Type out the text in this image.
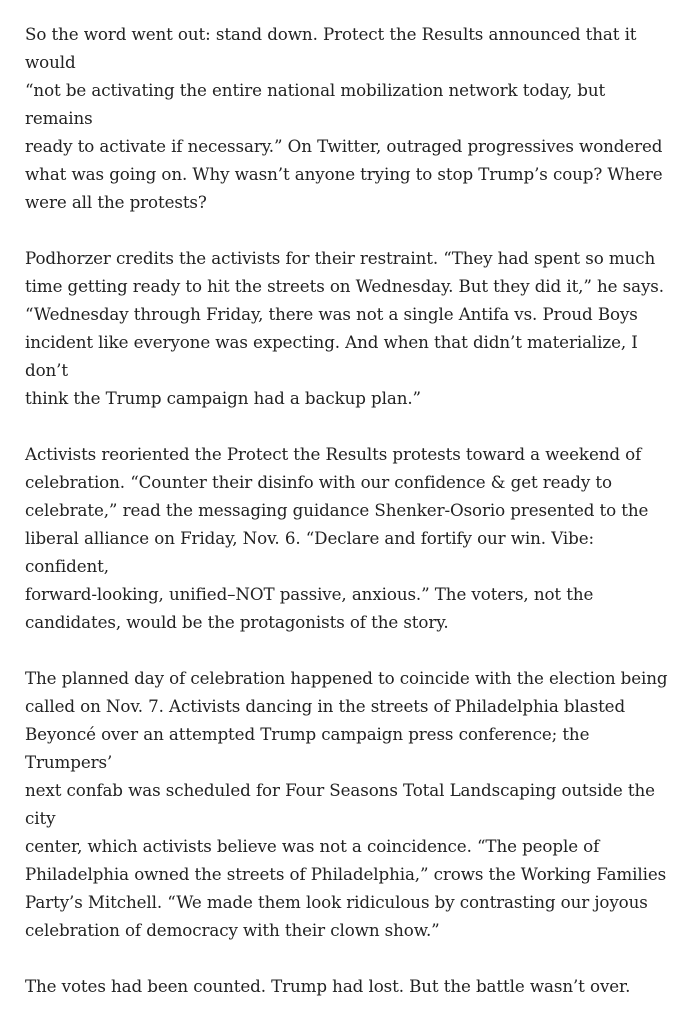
So the word went out: stand down. Protect the Results announced that it would
“not be activating the entire national mobilization network today, but remains
ready to activate if necessary.” On Twitter, outraged progressives wondered
what was going on. Why wasn’t anyone trying to stop Trump’s coup? Where
were all the protests?

Podhorzer credits the activists for their restraint. “They had spent so much
time getting ready to hit the streets on Wednesday. But they did it,” he says.
“Wednesday through Friday, there was not a single Antifa vs. Proud Boys
incident like everyone was expecting. And when that didn’t materialize, I don’t
think the Trump campaign had a backup plan.”

Activists reoriented the Protect the Results protests toward a weekend of
celebration. “Counter their disinfo with our confidence & get ready to
celebrate,” read the messaging guidance Shenker-Osorio presented to the
liberal alliance on Friday, Nov. 6. “Declare and fortify our win. Vibe: confident,
forward-looking, unified–NOT passive, anxious.” The voters, not the
candidates, would be the protagonists of the story.

The planned day of celebration happened to coincide with the election being
called on Nov. 7. Activists dancing in the streets of Philadelphia blasted
Beyoncé over an attempted Trump campaign press conference; the Trumpers’
next confab was scheduled for Four Seasons Total Landscaping outside the city
center, which activists believe was not a coincidence. “The people of
Philadelphia owned the streets of Philadelphia,” crows the Working Families
Party’s Mitchell. “We made them look ridiculous by contrasting our joyous
celebration of democracy with their clown show.”

The votes had been counted. Trump had lost. But the battle wasn’t over.
